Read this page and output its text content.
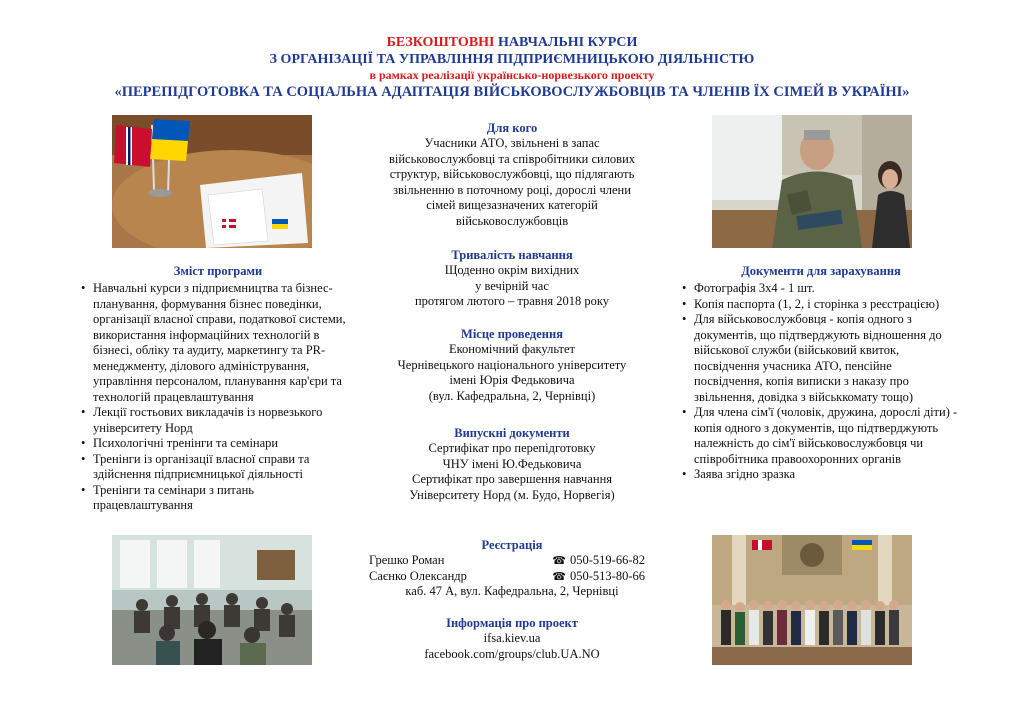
БЕЗКОШТОВНІ НАВЧАЛЬНІ КУРСИ
З ОРГАНІЗАЦІЇ ТА УПРАВЛІННЯ ПІДПРИЄМНИЦЬКОЮ ДІЯЛЬНІСТЮ
в рамках реалізації українсько-норвезького проекту
«ПЕРЕПІДГОТОВКА ТА СОЦІАЛЬНА АДАПТАЦІЯ ВІЙСЬКОВОСЛУЖБОВЦІВ ТА ЧЛЕНІВ ЇХ СІМЕЙ В УКРАЇНІ»
Для кого
Учасники АТО, звільнені в запас
військовослужбовці та співробітники силових
структур, військовослужбовці, що підлягають
звільненню в поточному році, дорослі члени
сімей вищезазначених категорій
військовослужбовців
Тривалість навчання
Щоденно окрім вихідних
у вечірній час
протягом лютого – травня 2018 року
Місце проведення
Економічний факультет
Чернівецького національного університету
імені Юрія Федьковича
(вул. Кафедральна, 2, Чернівці)
Випускні документи
Сертифікат про перепідготовку
ЧНУ імені Ю.Федьковича
Сертифікат про завершення навчання
Університету Норд (м. Будо, Норвегія)
Реєстрація
Грешко Роман	☎ 050-519-66-82
Саєнко Олександр	☎ 050-513-80-66
каб. 47 А, вул. Кафедральна, 2, Чернівці
Інформація про проект
ifsa.kiev.ua
facebook.com/groups/club.UA.NO
Зміст програми
• Навчальні курси з підприємництва та бізнес-планування, формування бізнес поведінки, організації власної справи, податкової системи, використання інформаційних технологій в бізнесі, обліку та аудиту, маркетингу та PR-менеджменту, ділового адміністрування, управління персоналом, планування кар'єри та технологій працевлаштування
• Лекції гостьових викладачів із норвезького університету Норд
• Психологічні тренінги та семінари
• Тренінги із організації власної справи та здійснення підприємницької діяльності
• Тренінги та семінари з питань працевлаштування
Документи для зарахування
• Фотографія 3х4 - 1 шт.
• Копія паспорта (1, 2, і сторінка з реєстрацією)
• Для військовослужбовця - копія одного з документів, що підтверджують відношення до військової служби (військовий квиток, посвідчення учасника АТО, пенсійне посвідчення, копія виписки з наказу про звільнення, довідка з військкомату тощо)
• Для члена сім'ї (чоловік, дружина, дорослі діти) - копія одного з документів, що підтверджують належність до сім'ї військовослужбовця чи співробітника правоохоронних органів
• Заява згідно зразка
